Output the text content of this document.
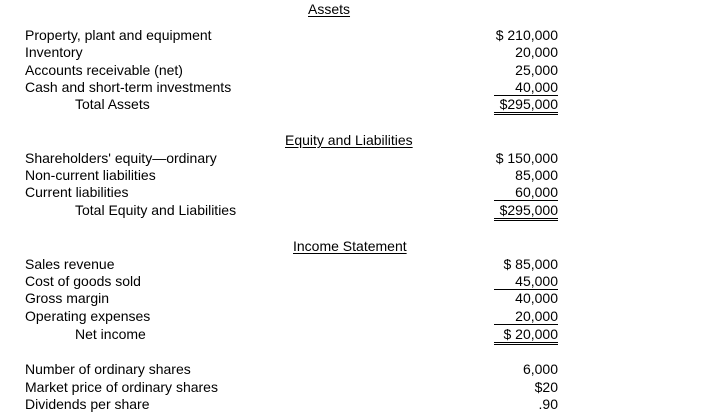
Assets
Property, plant and equipment	$ 210,000
Inventory	20,000
Accounts receivable (net)	25,000
Cash and short-term investments	40,000
Total Assets	$295,000
Equity and Liabilities
Shareholders' equity—ordinary	$ 150,000
Non-current liabilities	85,000
Current liabilities	60,000
Total Equity and Liabilities	$295,000
Income Statement
Sales revenue	$ 85,000
Cost of goods sold	45,000
Gross margin	40,000
Operating expenses	20,000
Net income	$ 20,000
Number of ordinary shares	6,000
Market price of ordinary shares	$20
Dividends per share	.90
